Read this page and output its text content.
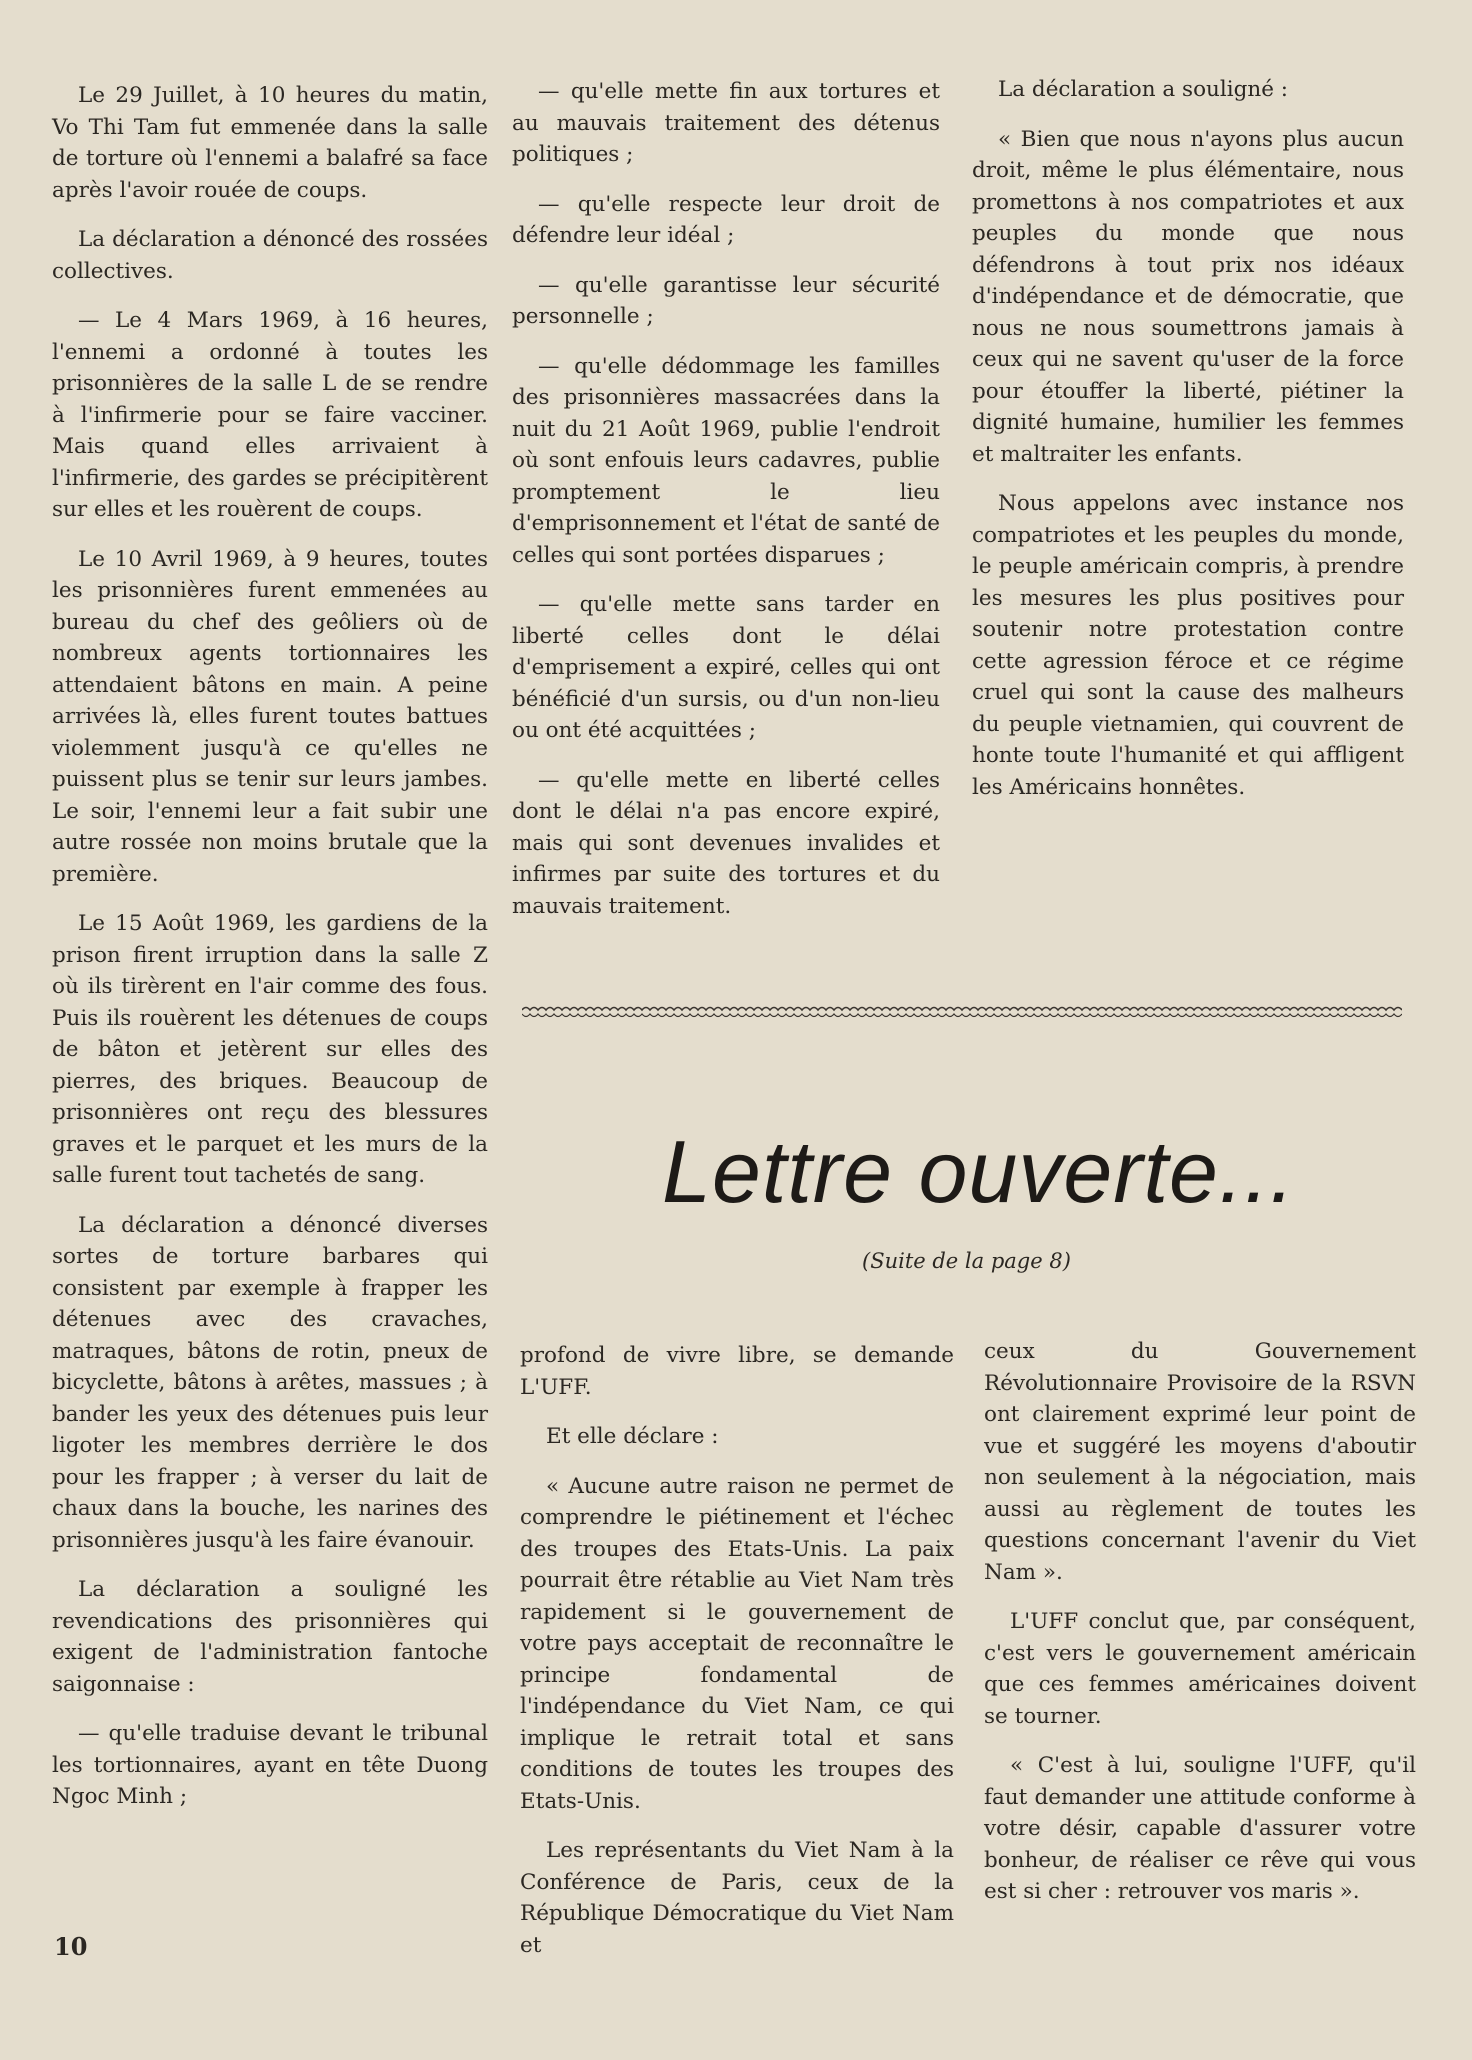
Le 29 Juillet, à 10 heures du matin, Vo Thi Tam fut emmenée dans la salle de torture où l'ennemi a balafré sa face après l'avoir rouée de coups.

La déclaration a dénoncé des rossées collectives.

— Le 4 Mars 1969, à 16 heures, l'ennemi a ordonné à toutes les prisonnières de la salle L de se rendre à l'infirmerie pour se faire vacciner. Mais quand elles arrivaient à l'infirmerie, des gardes se précipitèrent sur elles et les rouèrent de coups.

Le 10 Avril 1969, à 9 heures, toutes les prisonnières furent emmenées au bureau du chef des geôliers où de nombreux agents tortionnaires les attendaient bâtons en main. A peine arrivées là, elles furent toutes battues violemment jusqu'à ce qu'elles ne puissent plus se tenir sur leurs jambes. Le soir, l'ennemi leur a fait subir une autre rossée non moins brutale que la première.

Le 15 Août 1969, les gardiens de la prison firent irruption dans la salle Z où ils tirèrent en l'air comme des fous. Puis ils rouèrent les détenues de coups de bâton et jetèrent sur elles des pierres, des briques. Beaucoup de prisonnières ont reçu des blessures graves et le parquet et les murs de la salle furent tout tachetés de sang.

La déclaration a dénoncé diverses sortes de torture barbares qui consistent par exemple à frapper les détenues avec des cravaches, matraques, bâtons de rotin, pneux de bicyclette, bâtons à arêtes, massues ; à bander les yeux des détenues puis leur ligoter les membres derrière le dos pour les frapper ; à verser du lait de chaux dans la bouche, les narines des prisonnières jusqu'à les faire évanouir.

La déclaration a souligné les revendications des prisonnières qui exigent de l'administration fantoche saigonnaise :

— qu'elle traduise devant le tribunal les tortionnaires, ayant en tête Duong Ngoc Minh ;

— qu'elle mette fin aux tortures et au mauvais traitement des détenus politiques ;

— qu'elle respecte leur droit de défendre leur idéal ;

— qu'elle garantisse leur sécurité personnelle ;

— qu'elle dédommage les familles des prisonnières massacrées dans la nuit du 21 Août 1969, publie l'endroit où sont enfouis leurs cadavres, publie promptement le lieu d'emprisonnement et l'état de santé de celles qui sont portées disparues ;

— qu'elle mette sans tarder en liberté celles dont le délai d'emprisement a expiré, celles qui ont bénéficié d'un sursis, ou d'un non-lieu ou ont été acquittées ;

— qu'elle mette en liberté celles dont le délai n'a pas encore expiré, mais qui sont devenues invalides et infirmes par suite des tortures et du mauvais traitement.

La déclaration a souligné :

« Bien que nous n'ayons plus aucun droit, même le plus élémentaire, nous promettons à nos compatriotes et aux peuples du monde que nous défendrons à tout prix nos idéaux d'indépendance et de démocratie, que nous ne nous soumettrons jamais à ceux qui ne savent qu'user de la force pour étouffer la liberté, piétiner la dignité humaine, humilier les femmes et maltraiter les enfants.

Nous appelons avec instance nos compatriotes et les peuples du monde, le peuple américain compris, à prendre les mesures les plus positives pour soutenir notre protestation contre cette agression féroce et ce régime cruel qui sont la cause des malheurs du peuple vietnamien, qui couvrent de honte toute l'humanité et qui affligent les Américains honnêtes.

Lettre ouverte...
(Suite de la page 8)

profond de vivre libre, se demande L'UFF.

Et elle déclare :

« Aucune autre raison ne permet de comprendre le piétinement et l'échec des troupes des Etats-Unis. La paix pourrait être rétablie au Viet Nam très rapidement si le gouvernement de votre pays acceptait de reconnaître le principe fondamental de l'indépendance du Viet Nam, ce qui implique le retrait total et sans conditions de toutes les troupes des Etats-Unis.

Les représentants du Viet Nam à la Conférence de Paris, ceux de la République Démocratique du Viet Nam et

ceux du Gouvernement Révolutionnaire Provisoire de la RSVN ont clairement exprimé leur point de vue et suggéré les moyens d'aboutir non seulement à la négociation, mais aussi au règlement de toutes les questions concernant l'avenir du Viet Nam ».

L'UFF conclut que, par conséquent, c'est vers le gouvernement américain que ces femmes américaines doivent se tourner.

« C'est à lui, souligne l'UFF, qu'il faut demander une attitude conforme à votre désir, capable d'assurer votre bonheur, de réaliser ce rêve qui vous est si cher : retrouver vos maris ».

10
